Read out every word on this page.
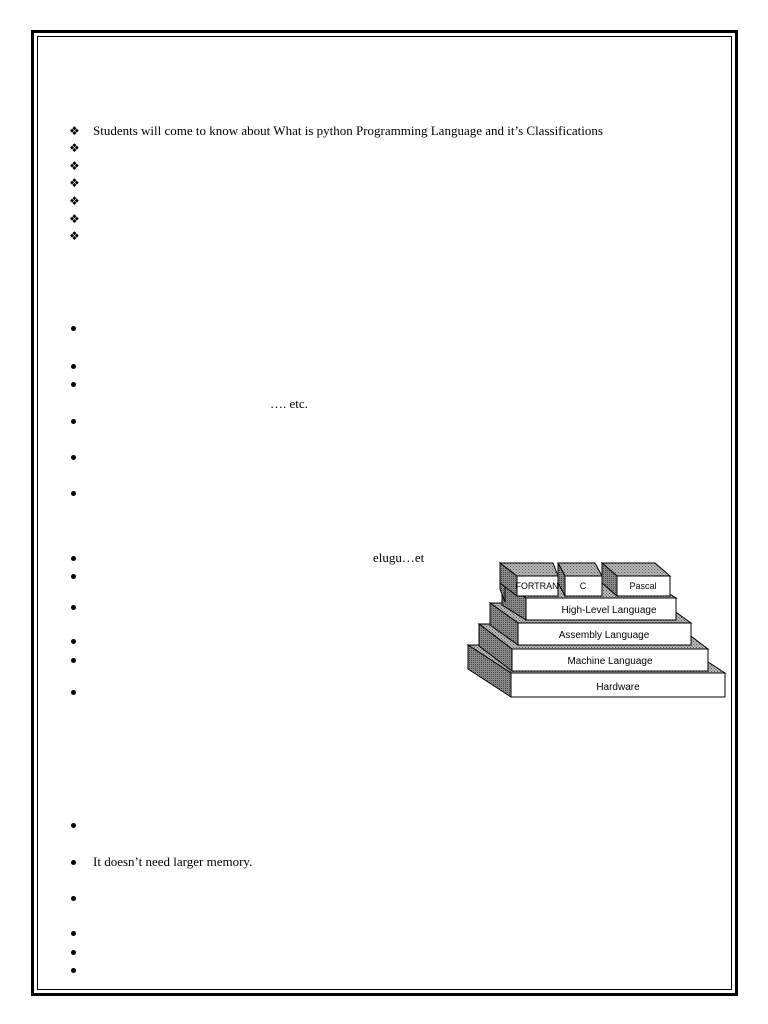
❖ Students will come to know about What is python Programming Language and it’s Classifications
❖
❖
❖
❖
❖
❖
…. etc.
elugu…et
Hardware
Machine Language
Assembly Language
High-Level Language
FORTRAN C	Pascal
It doesn’t need larger memory.
